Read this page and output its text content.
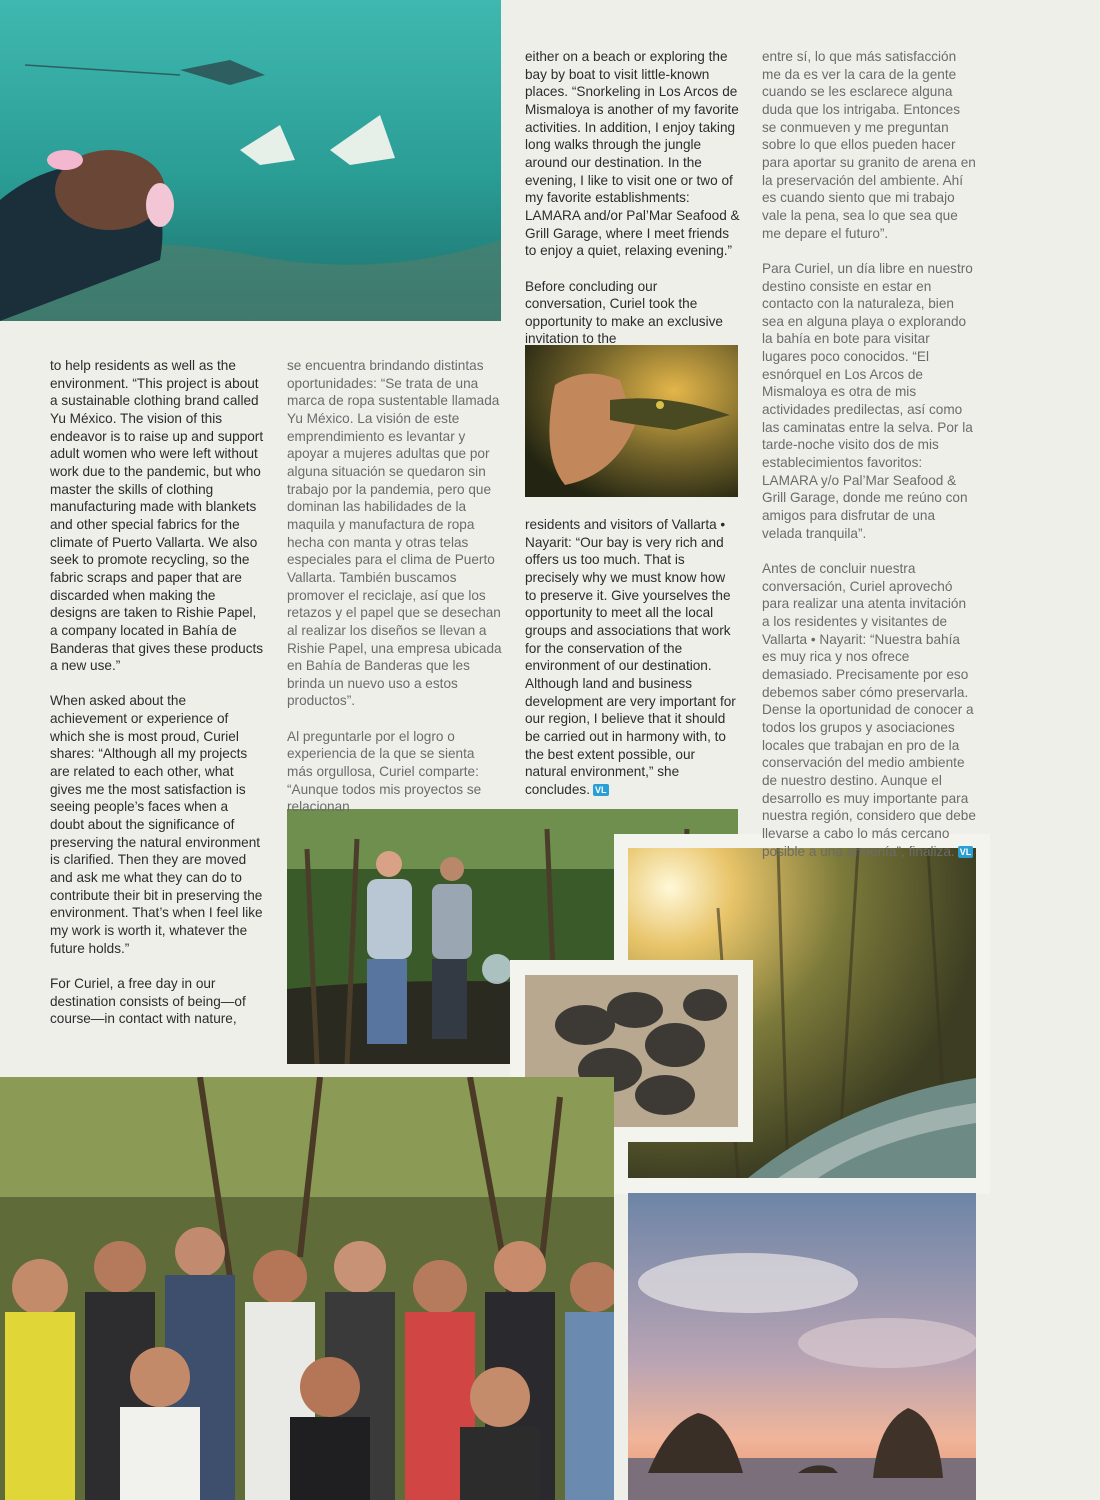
either on a beach or exploring the bay by boat to visit little-known places. “Snorkeling in Los Arcos de Mismaloya is another of my favorite activities. In addition, I enjoy taking long walks through the jungle around our destination. In the evening, I like to visit one or two of my favorite establishments: LAMARA and/or Pal’Mar Seafood & Grill Garage, where I meet friends to enjoy a quiet, relaxing evening.”

Before concluding our conversation, Curiel took the opportunity to make an exclusive invitation to the

to help residents as well as the environment. “This project is about a sustainable clothing brand called Yu México. The vision of this endeavor is to raise up and support adult women who were left without work due to the pandemic, but who master the skills of clothing manufacturing made with blankets and other special fabrics for the climate of Puerto Vallarta. We also seek to promote recycling, so the fabric scraps and paper that are discarded when making the designs are taken to Rishie Papel, a company located in Bahía de Banderas that gives these products a new use.”

When asked about the achievement or experience of which she is most proud, Curiel shares: “Although all my projects are related to each other, what gives me the most satisfaction is seeing people’s faces when a doubt about the significance of preserving the natural environment is clarified. Then they are moved and ask me what they can do to contribute their bit in preserving the environment. That’s when I feel like my work is worth it, whatever the future holds.”

For Curiel, a free day in our destination consists of being—of course—in contact with nature,

se encuentra brindando distintas oportunidades: “Se trata de una marca de ropa sustentable llamada Yu México. La visión de este emprendimiento es levantar y apoyar a mujeres adultas que por alguna situación se quedaron sin trabajo por la pandemia, pero que dominan las habilidades de la maquila y manufactura de ropa hecha con manta y otras telas especiales para el clima de Puerto Vallarta. También buscamos promover el reciclaje, así que los retazos y el papel que se desechan al realizar los diseños se llevan a Rishie Papel, una empresa ubicada en Bahía de Banderas que les brinda un nuevo uso a estos productos”.

Al preguntarle por el logro o experiencia de la que se sienta más orgullosa, Curiel comparte: “Aunque todos mis proyectos se relacionan

residents and visitors of Vallarta • Nayarit: “Our bay is very rich and offers us too much. That is precisely why we must know how to preserve it. Give yourselves the opportunity to meet all the local groups and associations that work for the conservation of the environment of our destination. Although land and business development are very important for our region, I believe that it should be carried out in harmony with, to the best extent possible, our natural environment,” she concludes. VL

entre sí, lo que más satisfacción me da es ver la cara de la gente cuando se les esclarece alguna duda que los intrigaba. Entonces se conmueven y me preguntan sobre lo que ellos pueden hacer para aportar su granito de arena en la preservación del ambiente. Ahí es cuando siento que mi trabajo vale la pena, sea lo que sea que me depare el futuro”.

Para Curiel, un día libre en nuestro destino consiste en estar en contacto con la naturaleza, bien sea en alguna playa o explorando la bahía en bote para visitar lugares poco conocidos. “El esnórquel en Los Arcos de Mismaloya es otra de mis actividades predilectas, así como las caminatas entre la selva. Por la tarde-noche visito dos de mis establecimientos favoritos: LAMARA y/o Pal’Mar Seafood & Grill Garage, donde me reúno con amigos para disfrutar de una velada tranquila”.

Antes de concluir nuestra conversación, Curiel aprovechó para realizar una atenta invitación a los residentes y visitantes de Vallarta • Nayarit: “Nuestra bahía es muy rica y nos ofrece demasiado. Precisamente por eso debemos saber cómo preservarla. Dense la oportunidad de conocer a todos los grupos y asociaciones locales que trabajan en pro de la conservación del medio ambiente de nuestro destino. Aunque el desarrollo es muy importante para nuestra región, considero que debe llevarse a cabo lo más cercano posible a una armonía”, finaliza. VL
